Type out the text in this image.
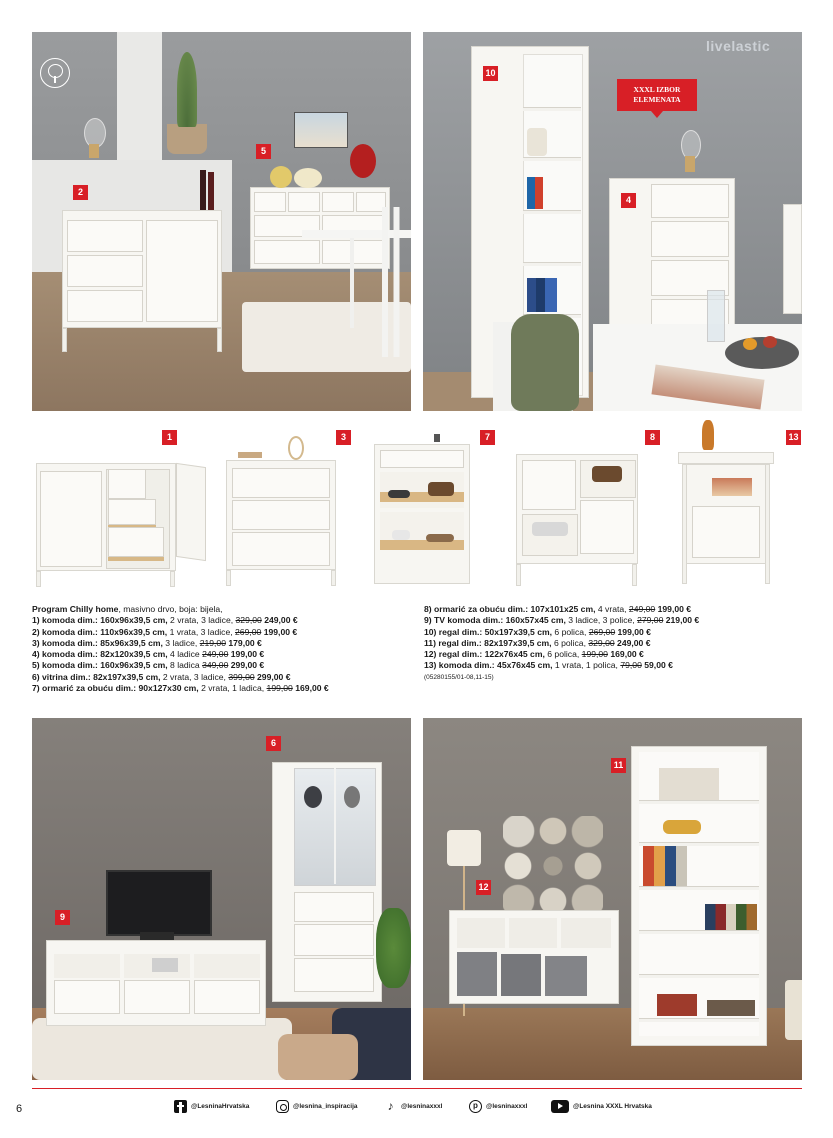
2
5
livelastic
XXXL IZBOR ELEMENATA
10
4
1	3	7	8	13
Program Chilly home, masivno drvo, boja: bijela,
1) komoda dim.: 160x96x39,5 cm, 2 vrata, 3 ladice, 329,00 249,00 €
2) komoda dim.: 110x96x39,5 cm, 1 vrata, 3 ladice, 269,00 199,00 €
3) komoda dim.: 85x96x39,5 cm, 3 ladice, 219,00 179,00 €
4) komoda dim.: 82x120x39,5 cm, 4 ladice 249,00 199,00 €
5) komoda dim.: 160x96x39,5 cm, 8 ladica 349,00 299,00 €
6) vitrina dim.: 82x197x39,5 cm, 2 vrata, 3 ladice, 399,00 299,00 €
7) ormarić za obuću dim.: 90x127x30 cm, 2 vrata, 1 ladica, 199,00 169,00 €
8) ormarić za obuću dim.: 107x101x25 cm, 4 vrata, 249,00 199,00 €
9) TV komoda dim.: 160x57x45 cm, 3 ladice, 3 police, 279,00 219,00 €
10) regal dim.: 50x197x39,5 cm, 6 polica, 269,00 199,00 €
11) regal dim.: 82x197x39,5 cm, 6 polica, 329,00 249,00 €
12) regal dim.: 122x76x45 cm, 6 polica, 199,00 169,00 €
13) komoda dim.: 45x76x45 cm, 1 vrata, 1 polica, 79,00 59,00 €
(05280155/01-08,11-15)
6
9
11
12
6	@LesninaHrvatska	@lesnina_inspiracija ♪	@lesninaxxxl	p	@lesninaxxxl	@Lesnina XXXL Hrvatska
